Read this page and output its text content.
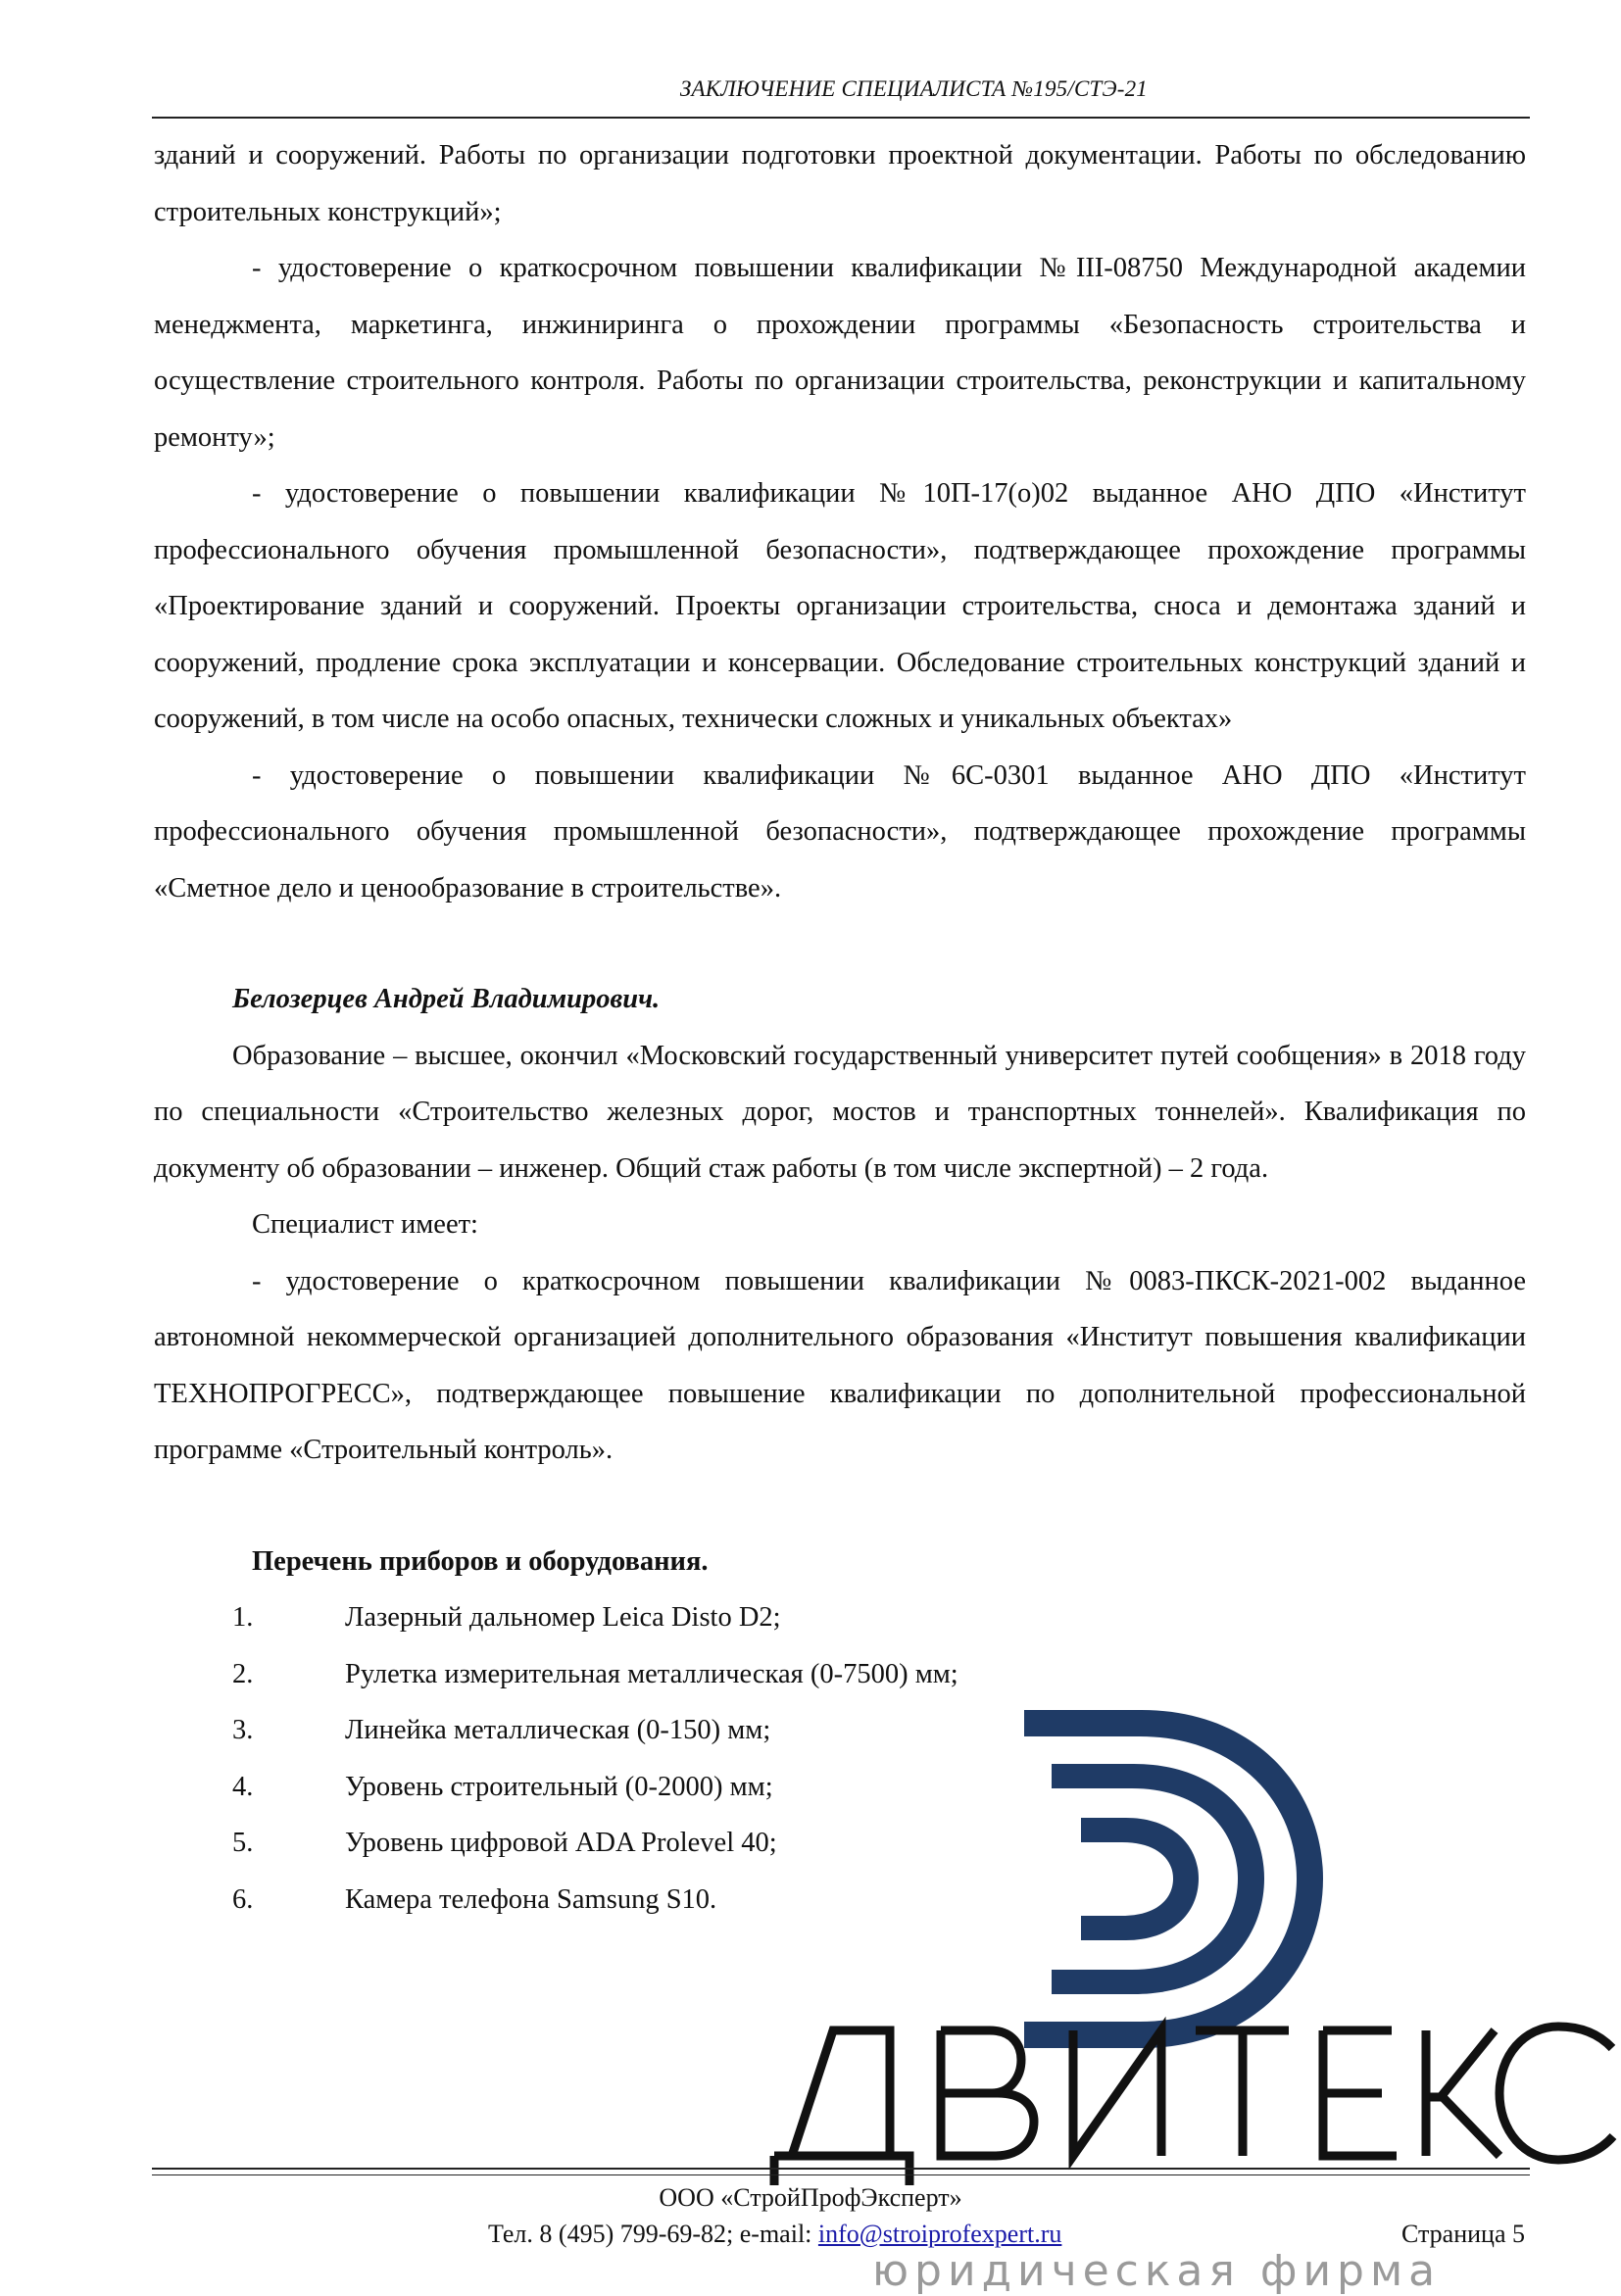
ЗАКЛЮЧЕНИЕ СПЕЦИАЛИСТА №195/СТЭ-21

зданий и сооружений. Работы по организации подготовки проектной документации. Работы по обследованию строительных конструкций»;

- удостоверение о краткосрочном повышении квалификации №III-08750 Международной академии менеджмента, маркетинга, инжиниринга о прохождении программы «Безопасность строительства и осуществление строительного контроля. Работы по организации строительства, реконструкции и капитальному ремонту»;

- удостоверение о повышении квалификации №10П-17(о)02 выданное АНО ДПО «Институт профессионального обучения промышленной безопасности», подтверждающее прохождение программы «Проектирование зданий и сооружений. Проекты организации строительства, сноса и демонтажа зданий и сооружений, продление срока эксплуатации и консервации. Обследование строительных конструкций зданий и сооружений, в том числе на особо опасных, технически сложных и уникальных объектах»

- удостоверение о повышении квалификации №6С-0301 выданное АНО ДПО «Институт профессионального обучения промышленной безопасности», подтверждающее прохождение программы «Сметное дело и ценообразование в строительстве».

Белозерцев Андрей Владимирович.

Образование – высшее, окончил «Московский государственный университет путей сообщения» в 2018 году по специальности «Строительство железных дорог, мостов и транспортных тоннелей». Квалификация по документу об образовании – инженер. Общий стаж работы (в том числе экспертной) – 2 года.

Специалист имеет:

- удостоверение о краткосрочном повышении квалификации №0083-ПКСК-2021-002 выданное автономной некоммерческой организацией дополнительного образования «Институт повышения квалификации ТЕХНОПРОГРЕСС», подтверждающее повышение квалификации по дополнительной профессиональной программе «Строительный контроль».

Перечень приборов и оборудования.

1.	Лазерный дальномер Leica Disto D2;
2.	Рулетка измерительная металлическая (0-7500) мм;
3.	Линейка металлическая (0-150) мм;
4.	Уровень строительный (0-2000) мм;
5.	Уровень цифровой ADA Prolevel 40;
6.	Камера телефона Samsung S10.
ДВИТЕКС
ООО «СтройПрофЭксперт»
Тел. 8 (495) 799-69-82; e-mail: info@stroiprofexpert.ru	Страница 5
юридическая фирма
